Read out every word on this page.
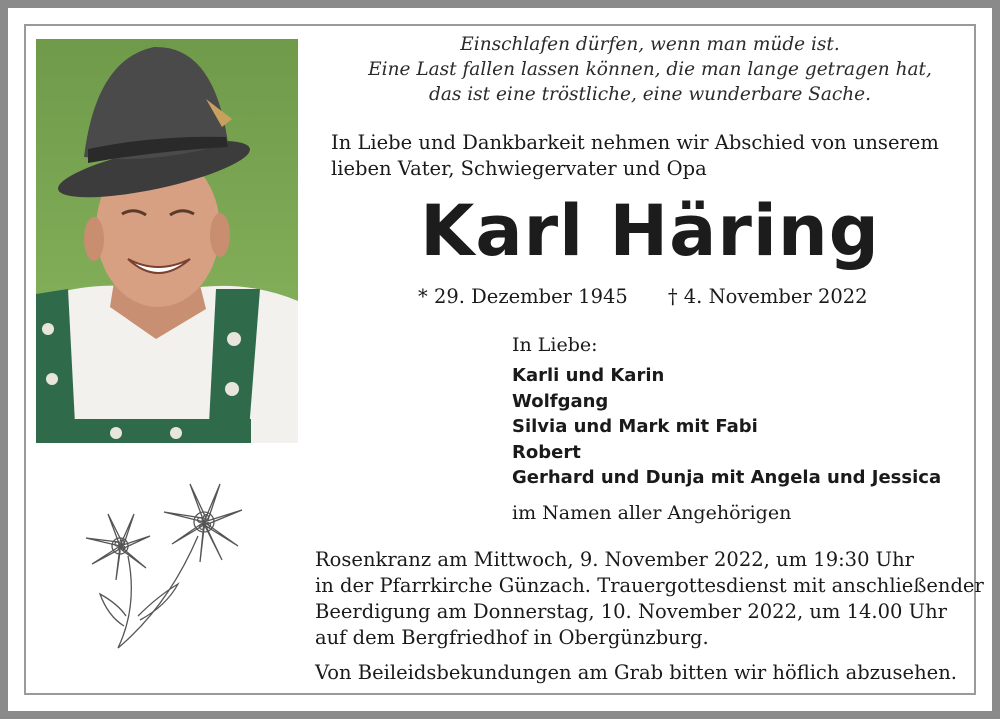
Einschlafen dürfen, wenn man müde ist.
Eine Last fallen lassen können, die man lange getragen hat,
das ist eine tröstliche, eine wunderbare Sache.
In Liebe und Dankbarkeit nehmen wir Abschied von unserem
lieben Vater, Schwiegervater und Opa
Karl Häring
* 29. Dezember 1945 † 4. November 2022
In Liebe:
Karli und Karin
Wolfgang
Silvia und Mark mit Fabi
Robert
Gerhard und Dunja mit Angela und Jessica
im Namen aller Angehörigen
Rosenkranz am Mittwoch, 9. November 2022, um 19:30 Uhr
in der Pfarrkirche Günzach. Trauergottesdienst mit anschließender
Beerdigung am Donnerstag, 10. November 2022, um 14.00 Uhr
auf dem Bergfriedhof in Obergünzburg.
Von Beileidsbekundungen am Grab bitten wir höflich abzusehen.
